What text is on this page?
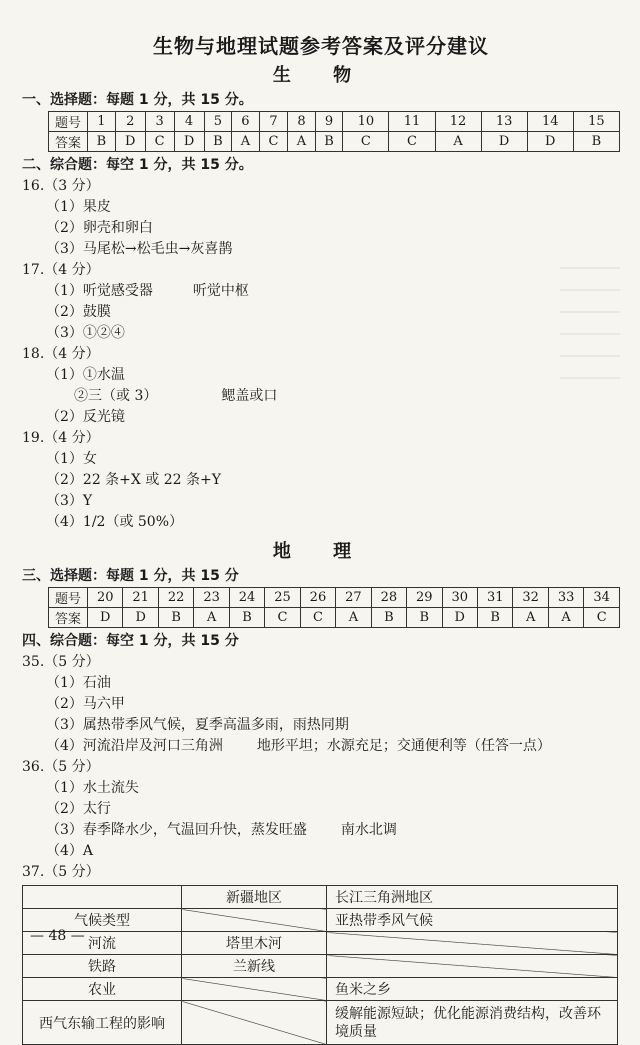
生物与地理试题参考答案及评分建议
生 物
一、选择题：每题 1 分，共 15 分。
题号	1	2	3	4	5	6	7	8	9	10	11	12	13	14	15
答案	B	D	C	D	B	A	C	A	B	C	C	A	D	D	B
二、综合题：每空 1 分，共 15 分。

16.（3 分）

（1）果皮

（2）卵壳和卵白

（3）马尾松→松毛虫→灰喜鹊

17.（4 分）

（1）听觉感受器	听觉中枢

（2）鼓膜

（3）①②④

18.（4 分）

（1）①水温

②三（或 3）	鳃盖或口

（2）反光镜

19.（4 分）

（1）女

（2）22 条+X 或 22 条+Y

（3）Y

（4）1/2（或 50%）

地 理
三、选择题：每题 1 分，共 15 分
题号	20	21	22	23	24	25	26	27	28	29	30	31	32	33	34
答案	D	D	B	A	B	C	C	A	B	B	D	B	A	A	C
四、综合题：每空 1 分，共 15 分

35.（5 分）

（1）石油

（2）马六甲

（3）属热带季风气候，夏季高温多雨，雨热同期

（4）河流沿岸及河口三角洲 地形平坦；水源充足；交通便利等（任答一点）

36.（5 分）

（1）水土流失

（2）太行

（3）春季降水少，气温回升快，蒸发旺盛 南水北调

（4）A

37.（5 分）

	新疆地区	长江三角洲地区
气候类型		亚热带季风气候
河流	塔里木河	
铁路	兰新线	
农业		鱼米之乡
西气东输工程的影响		缓解能源短缺；优化能源消费结构，改善环境质量
— 48 —
